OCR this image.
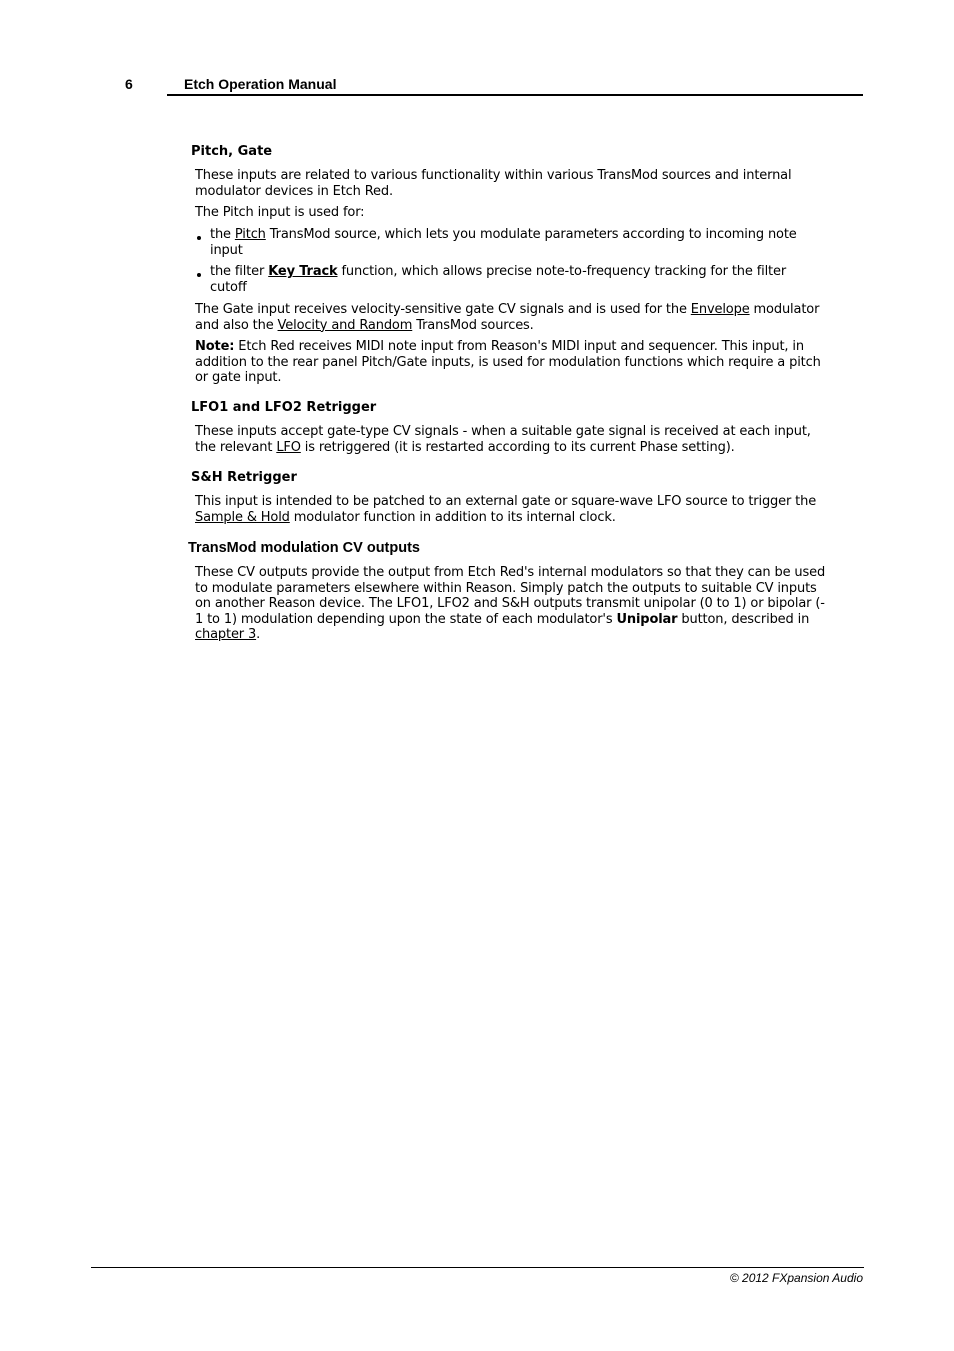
6	Etch Operation Manual
Pitch, Gate
These inputs are related to various functionality within various TransMod sources and internal
modulator devices in Etch Red.
The Pitch input is used for:
the Pitch TransMod source, which lets you modulate parameters according to incoming note
input
the filter Key Track function, which allows precise note-to-frequency tracking for the filter
cutoff
The Gate input receives velocity-sensitive gate CV signals and is used for the Envelope modulator
and also the Velocity and Random TransMod sources.
Note: Etch Red receives MIDI note input from Reason's MIDI input and sequencer. This input, in
addition to the rear panel Pitch/Gate inputs, is used for modulation functions which require a pitch
or gate input.
LFO1 and LFO2 Retrigger
These inputs accept gate-type CV signals - when a suitable gate signal is received at each input,
the relevant LFO is retriggered (it is restarted according to its current Phase setting).
S&H Retrigger
This input is intended to be patched to an external gate or square-wave LFO source to trigger the
Sample & Hold modulator function in addition to its internal clock.
TransMod modulation CV outputs
These CV outputs provide the output from Etch Red's internal modulators so that they can be used
to modulate parameters elsewhere within Reason. Simply patch the outputs to suitable CV inputs
on another Reason device. The LFO1, LFO2 and S&H outputs transmit unipolar (0 to 1) or bipolar (-
1 to 1) modulation depending upon the state of each modulator's Unipolar button, described in
chapter 3.
© 2012 FXpansion Audio
